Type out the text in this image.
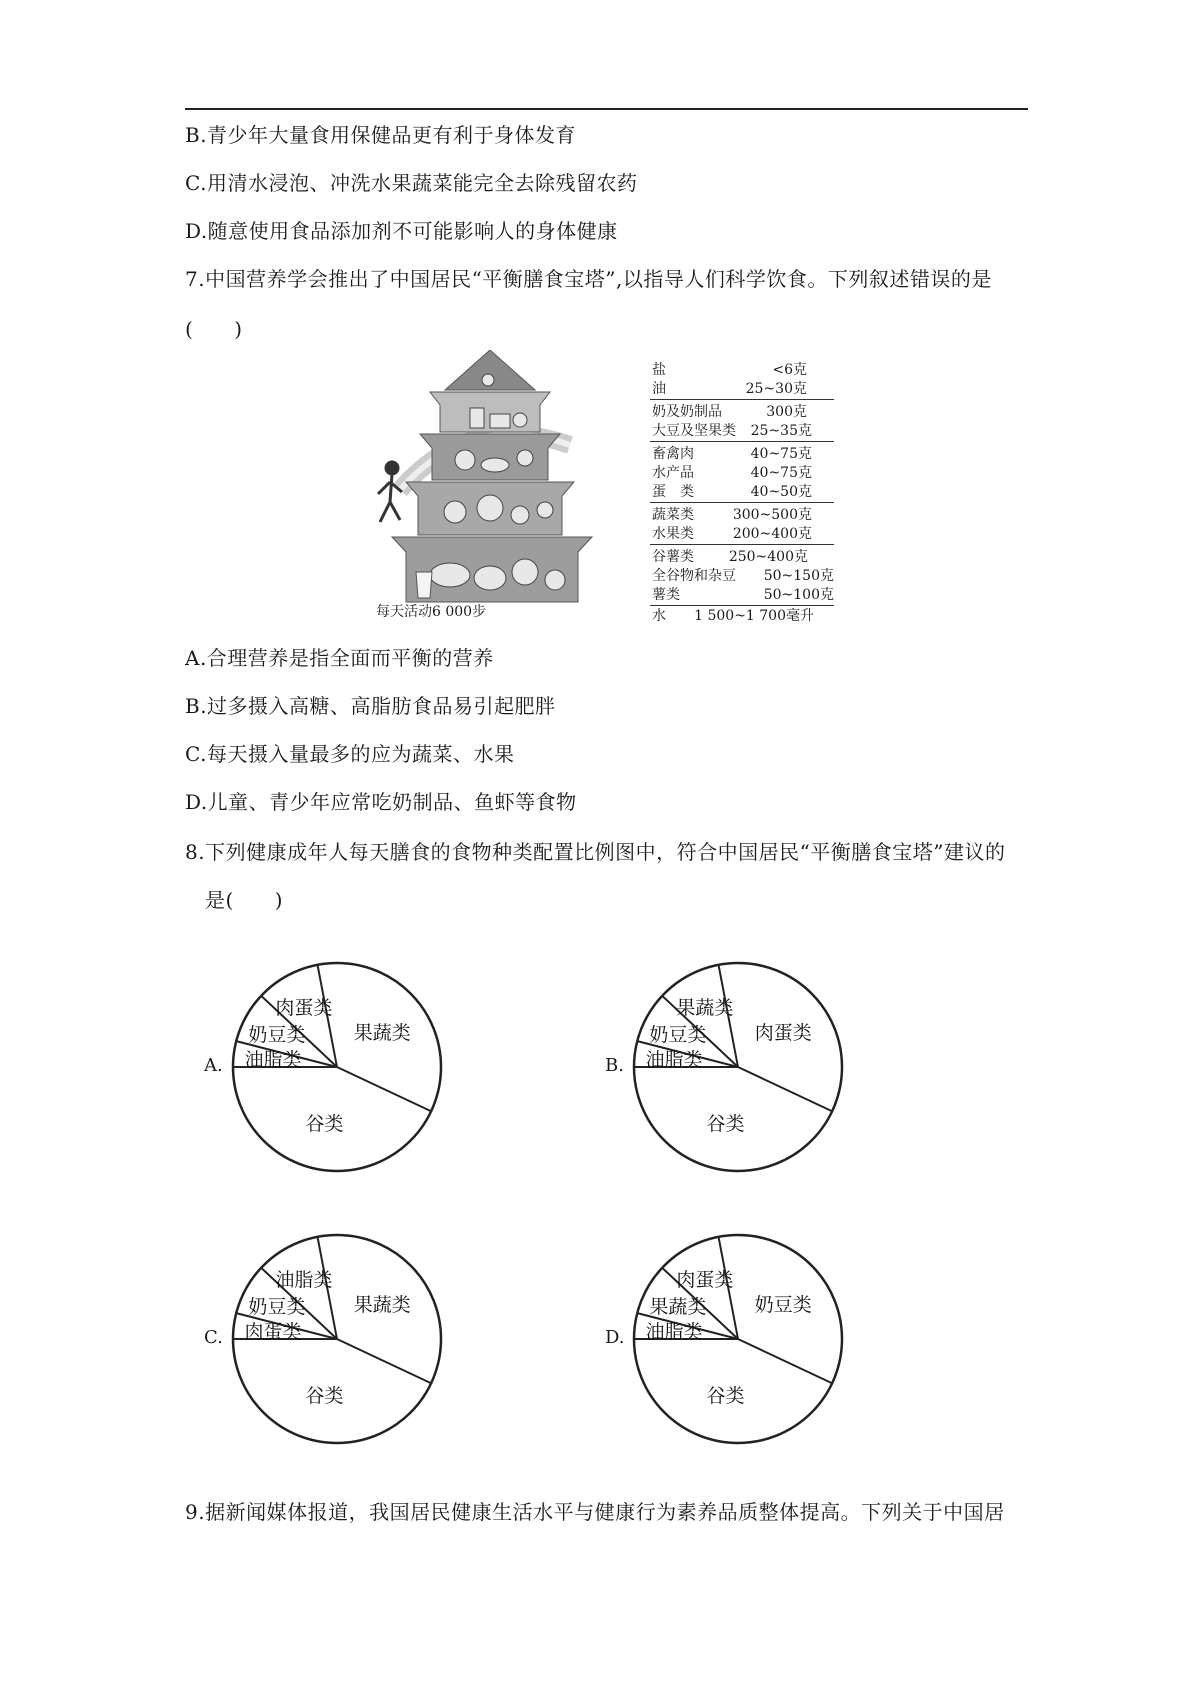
B.青少年大量食用保健品更有利于身体发育
C.用清水浸泡、冲洗水果蔬菜能完全去除残留农药
D.随意使用食品添加剂不可能影响人的身体健康
7.中国营养学会推出了中国居民“平衡膳食宝塔”,以指导人们科学饮食。下列叙述错误的是
(　　)
每天活动6 000步
盐	<6克
油	25~30克
奶及奶制品	300克
大豆及坚果类 25~35克
畜禽肉	40~75克
水产品	40~75克
蛋　类	40~50克
蔬菜类	300~500克
水果类	200~400克
谷薯类 250~400克
全谷物和杂豆 50~150克
薯类	50~100克
水 1 500~1 700毫升
A.合理营养是指全面而平衡的营养
B.过多摄入高糖、高脂肪食品易引起肥胖
C.每天摄入量最多的应为蔬菜、水果
D.儿童、青少年应常吃奶制品、鱼虾等食物
8.下列健康成年人每天膳食的食物种类配置比例图中，符合中国居民“平衡膳食宝塔”建议的
是(　　)
A. 油脂类
奶豆类
肉蛋类
果蔬类
谷类
B. 油脂类
奶豆类
果蔬类
肉蛋类
谷类
C. 肉蛋类
奶豆类
油脂类
果蔬类
谷类
D. 油脂类
果蔬类
肉蛋类
奶豆类
谷类
9.据新闻媒体报道，我国居民健康生活水平与健康行为素养品质整体提高。下列关于中国居
